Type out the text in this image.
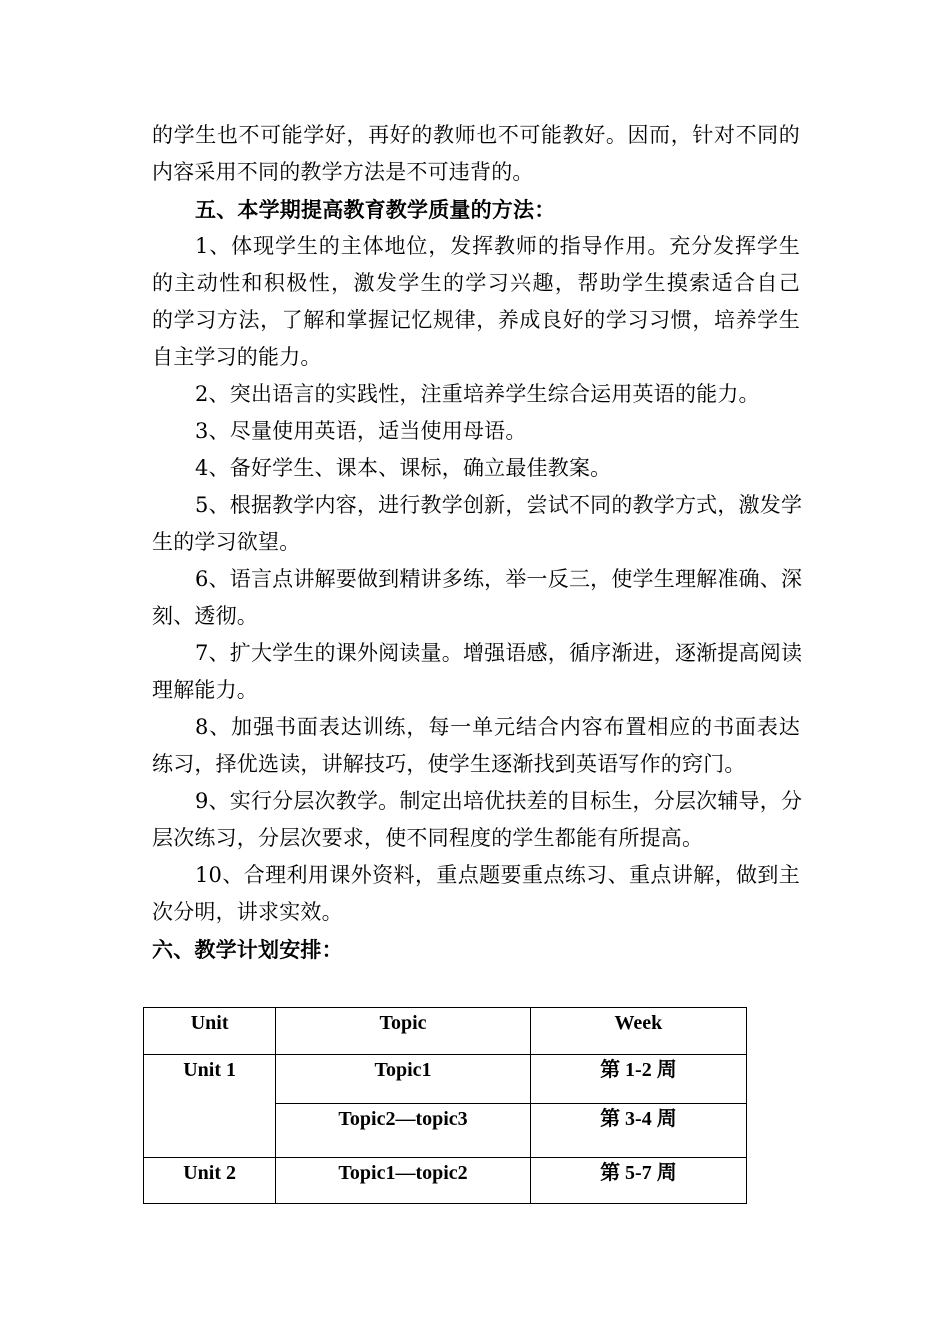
的学生也不可能学好，再好的教师也不可能教好。因而，针对不同的
内容采用不同的教学方法是不可违背的。
五、本学期提高教育教学质量的方法：
1、体现学生的主体地位，发挥教师的指导作用。充分发挥学生
的主动性和积极性，激发学生的学习兴趣，帮助学生摸索适合自己
的学习方法，了解和掌握记忆规律，养成良好的学习习惯，培养学生
自主学习的能力。
2、突出语言的实践性，注重培养学生综合运用英语的能力。
3、尽量使用英语，适当使用母语。
4、备好学生、课本、课标，确立最佳教案。
5、根据教学内容，进行教学创新，尝试不同的教学方式，激发学
生的学习欲望。
6、语言点讲解要做到精讲多练，举一反三，使学生理解准确、深
刻、透彻。
7、扩大学生的课外阅读量。增强语感，循序渐进，逐渐提高阅读
理解能力。
8、加强书面表达训练，每一单元结合内容布置相应的书面表达
练习，择优选读，讲解技巧，使学生逐渐找到英语写作的窍门。
9、实行分层次教学。制定出培优扶差的目标生，分层次辅导，分
层次练习，分层次要求，使不同程度的学生都能有所提高。
10、合理利用课外资料，重点题要重点练习、重点讲解，做到主
次分明，讲求实效。
六、教学计划安排：
Unit	Topic	Week
Unit 1	Topic1	第 1-2 周
	Topic2—topic3	第 3-4 周
Unit 2	Topic1—topic2	第 5-7 周
